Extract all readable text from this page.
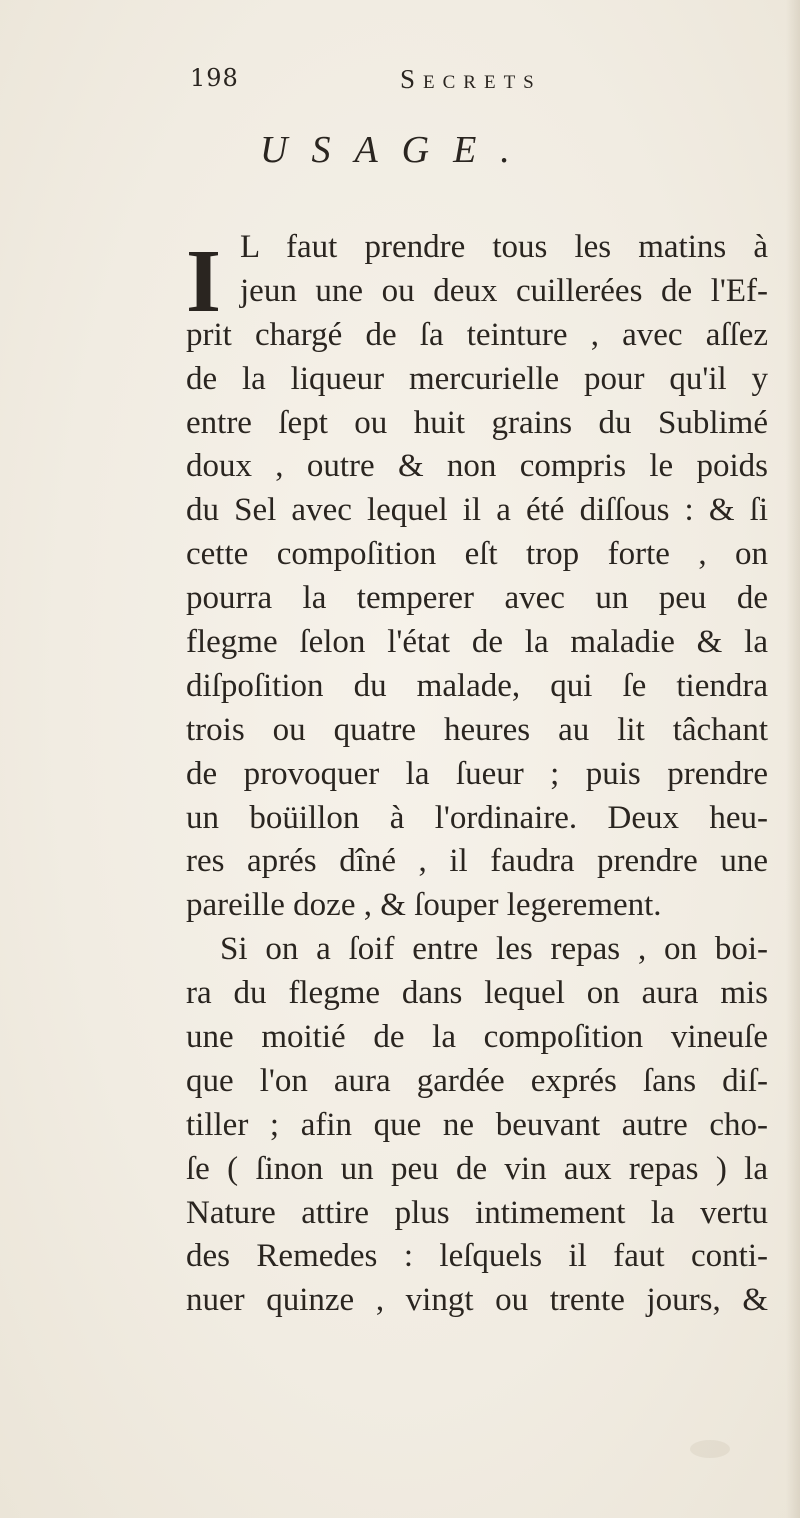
198	Secrets
USAGE.
I L faut prendre tous les matins à
jeun une ou deux cuillerées de l'Ef-
prit chargé de ſa teinture , avec aſſez
de la liqueur mercurielle pour qu'il y
entre ſept ou huit grains du Sublimé
doux , outre & non compris le poids
du Sel avec lequel il a été diſſous : & ſi
cette compoſition eſt trop forte , on
pourra la temperer avec un peu de
flegme ſelon l'état de la maladie & la
diſpoſition du malade, qui ſe tiendra
trois ou quatre heures au lit tâchant
de provoquer la ſueur ; puis prendre
un boüillon à l'ordinaire. Deux heu-
res aprés dîné , il faudra prendre une
pareille doze , & ſouper legerement.
Si on a ſoif entre les repas , on boi-
ra du flegme dans lequel on aura mis
une moitié de la compoſition vineuſe
que l'on aura gardée exprés ſans diſ-
tiller ; afin que ne beuvant autre cho-
ſe ( ſinon un peu de vin aux repas ) la
Nature attire plus intimement la vertu
des Remedes : leſquels il faut conti-
nuer quinze , vingt ou trente jours, &
